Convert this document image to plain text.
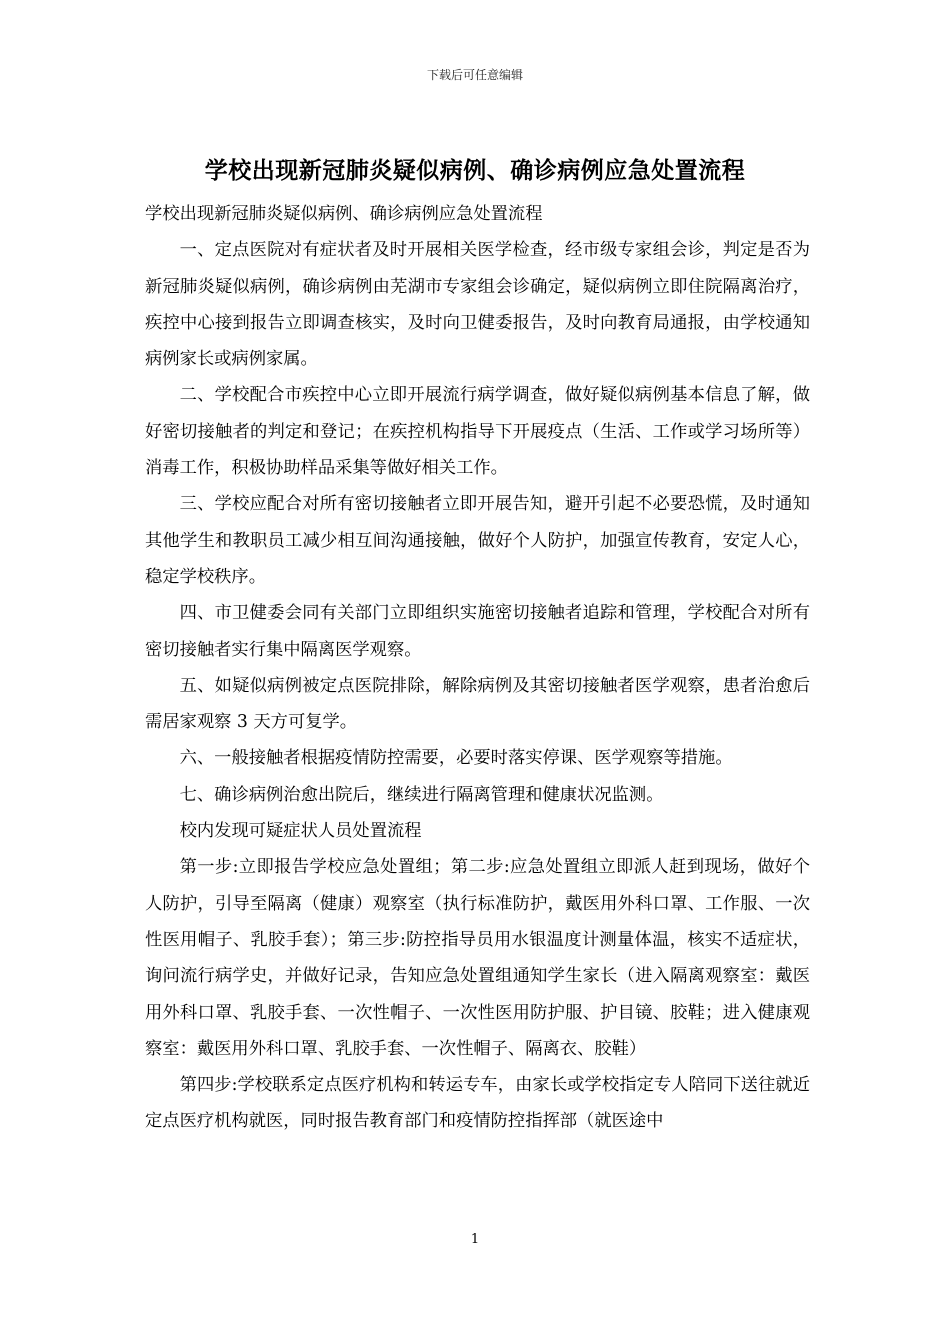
下载后可任意编辑
学校出现新冠肺炎疑似病例、确诊病例应急处置流程

学校出现新冠肺炎疑似病例、确诊病例应急处置流程

一、定点医院对有症状者及时开展相关医学检查，经市级专家组会诊，判定是否为新冠肺炎疑似病例，确诊病例由芜湖市专家组会诊确定，疑似病例立即住院隔离治疗，疾控中心接到报告立即调查核实，及时向卫健委报告，及时向教育局通报，由学校通知病例家长或病例家属。

二、学校配合市疾控中心立即开展流行病学调查，做好疑似病例基本信息了解，做好密切接触者的判定和登记；在疾控机构指导下开展疫点（生活、工作或学习场所等）消毒工作，积极协助样品采集等做好相关工作。

三、学校应配合对所有密切接触者立即开展告知，避开引起不必要恐慌，及时通知其他学生和教职员工减少相互间沟通接触，做好个人防护，加强宣传教育，安定人心，稳定学校秩序。

四、市卫健委会同有关部门立即组织实施密切接触者追踪和管理，学校配合对所有密切接触者实行集中隔离医学观察。

五、如疑似病例被定点医院排除，解除病例及其密切接触者医学观察，患者治愈后需居家观察 3 天方可复学。

六、一般接触者根据疫情防控需要，必要时落实停课、医学观察等措施。

七、确诊病例治愈出院后，继续进行隔离管理和健康状况监测。

校内发现可疑症状人员处置流程

第一步:立即报告学校应急处置组；第二步:应急处置组立即派人赶到现场，做好个人防护，引导至隔离（健康）观察室（执行标准防护，戴医用外科口罩、工作服、一次性医用帽子、乳胶手套）；第三步:防控指导员用水银温度计测量体温，核实不适症状，询问流行病学史，并做好记录，告知应急处置组通知学生家长（进入隔离观察室：戴医用外科口罩、乳胶手套、一次性帽子、一次性医用防护服、护目镜、胶鞋；进入健康观察室：戴医用外科口罩、乳胶手套、一次性帽子、隔离衣、胶鞋）

第四步:学校联系定点医疗机构和转运专车，由家长或学校指定专人陪同下送往就近定点医疗机构就医，同时报告教育部门和疫情防控指挥部（就医途中

1
